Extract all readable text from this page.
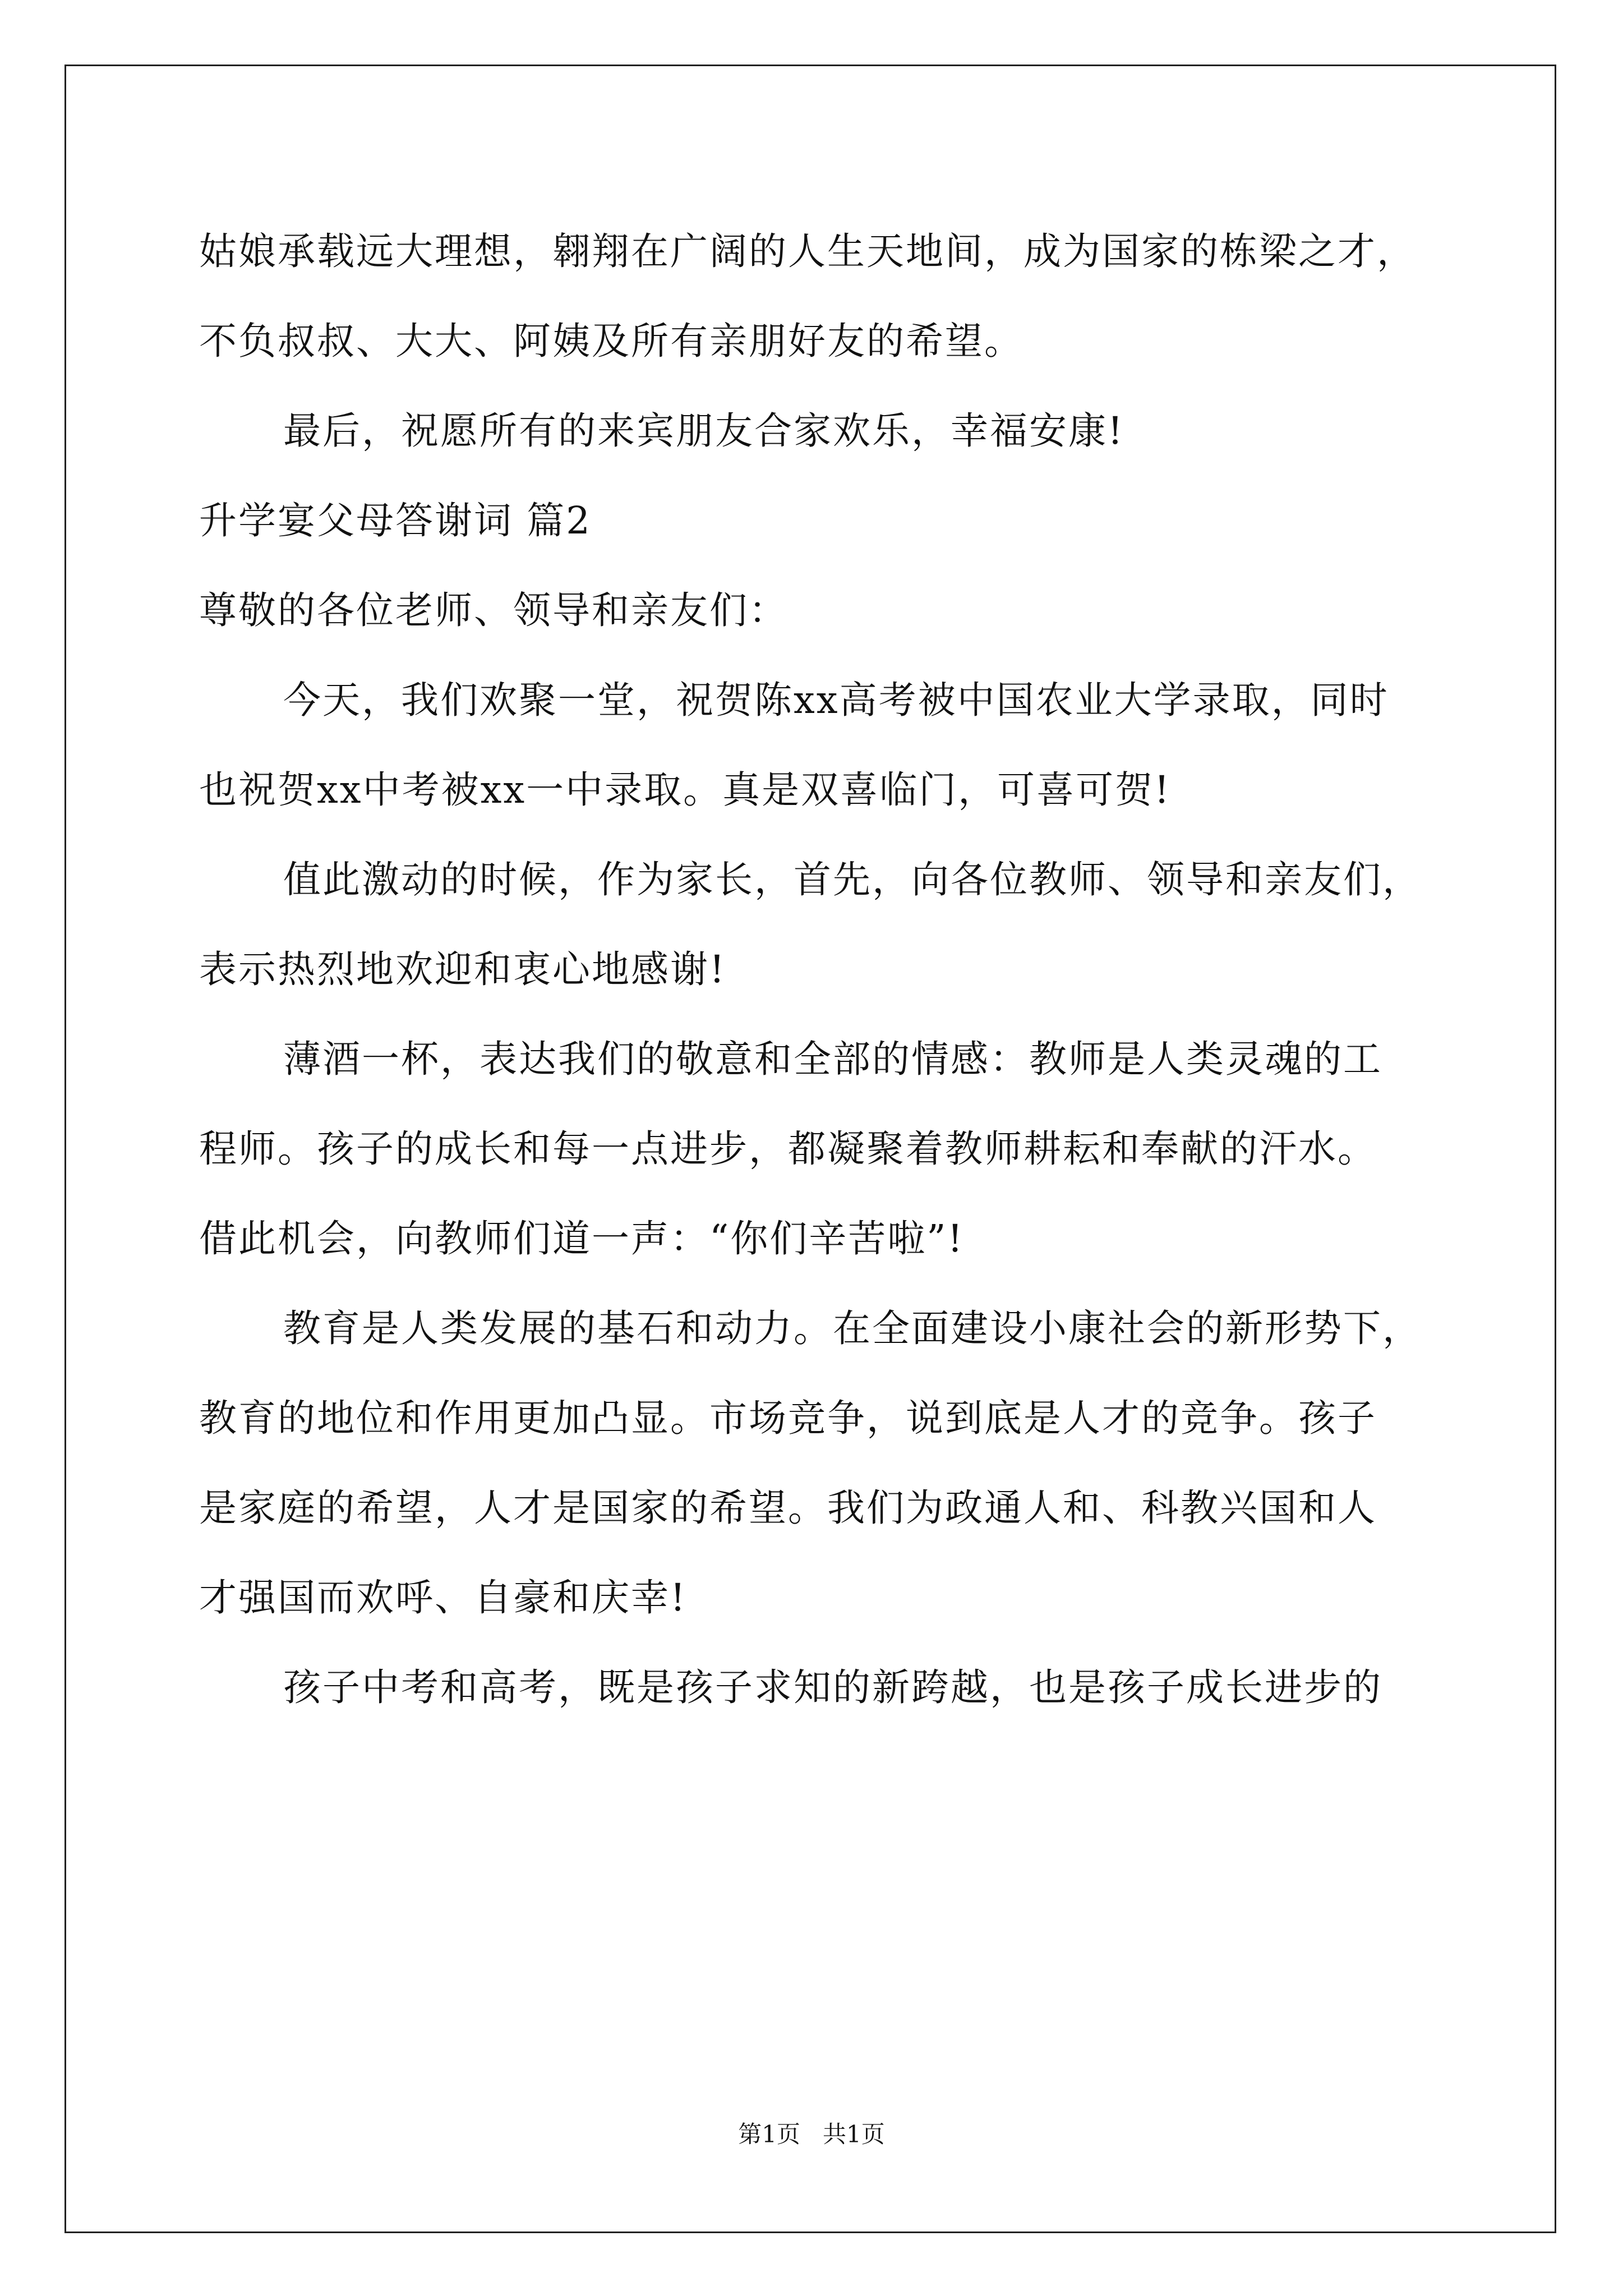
姑娘承载远大理想，翱翔在广阔的人生天地间，成为国家的栋梁之才，
不负叔叔、大大、阿姨及所有亲朋好友的希望。
最后，祝愿所有的来宾朋友合家欢乐，幸福安康!
升学宴父母答谢词 篇2
尊敬的各位老师、领导和亲友们：
今天，我们欢聚一堂，祝贺陈xx高考被中国农业大学录取，同时
也祝贺xx中考被xx一中录取。真是双喜临门，可喜可贺!
值此激动的时候，作为家长，首先，向各位教师、领导和亲友们，
表示热烈地欢迎和衷心地感谢!
薄酒一杯，表达我们的敬意和全部的情感：教师是人类灵魂的工
程师。孩子的成长和每一点进步，都凝聚着教师耕耘和奉献的汗水。
借此机会，向教师们道一声：“你们辛苦啦”!
教育是人类发展的基石和动力。在全面建设小康社会的新形势下，
教育的地位和作用更加凸显。市场竞争，说到底是人才的竞争。孩子
是家庭的希望，人才是国家的希望。我们为政通人和、科教兴国和人
才强国而欢呼、自豪和庆幸!
孩子中考和高考，既是孩子求知的新跨越，也是孩子成长进步的
第1页 共1页
